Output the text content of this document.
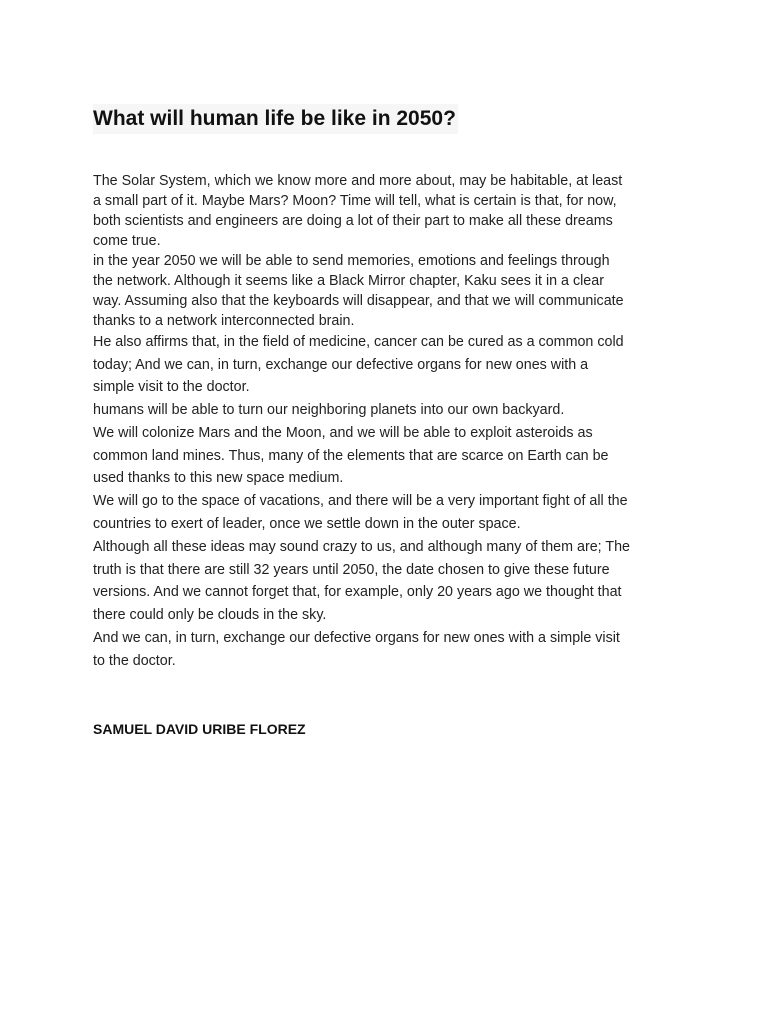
What will human life be like in 2050?

The Solar System, which we know more and more about, may be habitable, at least
a small part of it. Maybe Mars? Moon? Time will tell, what is certain is that, for now,
both scientists and engineers are doing a lot of their part to make all these dreams
come true.

in the year 2050 we will be able to send memories, emotions and feelings through
the network. Although it seems like a Black Mirror chapter, Kaku sees it in a clear
way. Assuming also that the keyboards will disappear, and that we will communicate
thanks to a network interconnected brain.

He also affirms that, in the field of medicine, cancer can be cured as a common cold
today; And we can, in turn, exchange our defective organs for new ones with a
simple visit to the doctor.

humans will be able to turn our neighboring planets into our own backyard.

We will colonize Mars and the Moon, and we will be able to exploit asteroids as
common land mines. Thus, many of the elements that are scarce on Earth can be
used thanks to this new space medium.

We will go to the space of vacations, and there will be a very important fight of all the
countries to exert of leader, once we settle down in the outer space.

Although all these ideas may sound crazy to us, and although many of them are; The
truth is that there are still 32 years until 2050, the date chosen to give these future
versions. And we cannot forget that, for example, only 20 years ago we thought that
there could only be clouds in the sky.

And we can, in turn, exchange our defective organs for new ones with a simple visit
to the doctor.

SAMUEL DAVID URIBE FLOREZ
